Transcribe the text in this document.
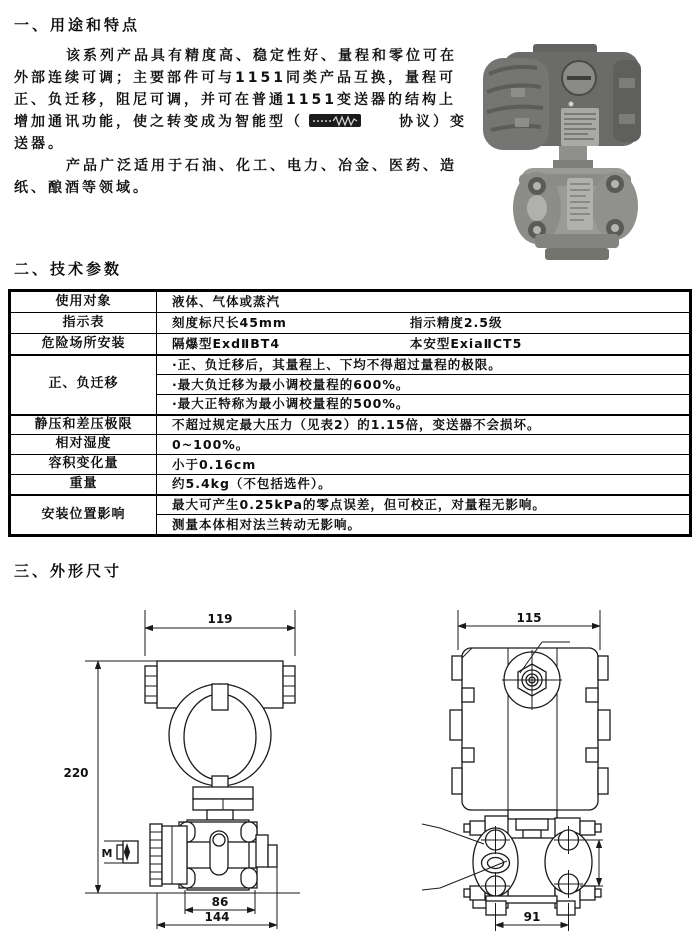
一、用途和特点
该系列产品具有精度高、稳定性好、量程和零位可在
外部连续可调；主要部件可与1151同类产品互换，量程可
正、负迁移，阻尼可调，并可在普通1151变送器的结构上
增加通讯功能，使之转变成为智能型（	协议）变
送器。
产品广泛适用于石油、化工、电力、冶金、医药、造
纸、酿酒等领域。
二、技术参数
使用对象	液体、气体或蒸汽
指示表	刻度标尺长45mm 指示精度2.5级
危险场所安装	隔爆型ExdⅡBT4 本安型ExiaⅡCT5
正、负迁移	·正、负迁移后，其量程上、下均不得超过量程的极限。
	·最大负迁移为最小调校量程的600%。
	·最大正特称为最小调校量程的500%。
静压和差压极限	不超过规定最大压力（见表2）的1.15倍，变送器不会损坏。
相对湿度	0~100%。
容积变化量	小于0.16cm
重量	约5.4kg（不包括选件）。
安装位置影响	最大可产生0.25kPa的零点误差，但可校正，对量程无影响。
	测量本体相对法兰转动无影响。
三、外形尺寸
119
220
M
86
144
115
91
